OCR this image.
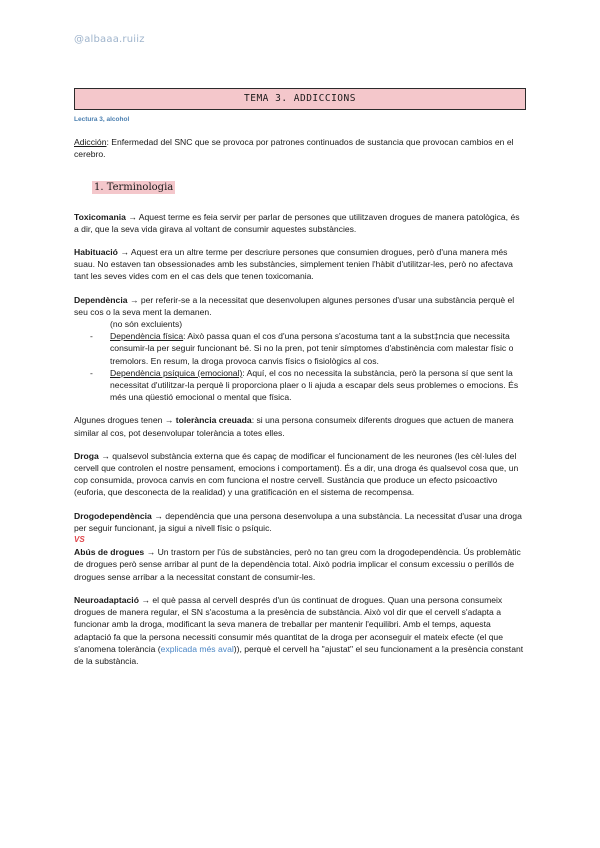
@albaaa.ruiiz
TEMA 3. ADDICCIONS
Lectura 3, alcohol

Adicción: Enfermedad del SNC que se provoca por patrones continuados de sustancia que provocan cambios en el cerebro.

1. Terminologia

Toxicomania → Aquest terme es feia servir per parlar de persones que utilitzaven drogues de manera patològica, és a dir, que la seva vida girava al voltant de consumir aquestes substàncies.

Habituació → Aquest era un altre terme per descriure persones que consumien drogues, però d'una manera més suau. No estaven tan obsessionades amb les substàncies, simplement tenien l'hàbit d'utilitzar-les, però no afectava tant les seves vides com en el cas dels que tenen toxicomania.

Dependència → per referir-se a la necessitat que desenvolupen algunes persones d'usar una substància perquè el seu cos o la seva ment la demanen.

(no són excluients)

- Dependència física: Això passa quan el cos d'una persona s'acostuma tant a la subst‡ncia que necessita consumir-la per seguir funcionant bé. Si no la pren, pot tenir símptomes d'abstinència com malestar físic o tremolors. En resum, la droga provoca canvis físics o fisiològics al cos.
- Dependència psíquica (emocional): Aquí, el cos no necessita la substància, però la persona sí que sent la necessitat d'utilitzar-la perquè li proporciona plaer o li ajuda a escapar dels seus problemes o emocions. És més una qüestió emocional o mental que física.

Algunes drogues tenen → tolerància creuada: si una persona consumeix diferents drogues que actuen de manera similar al cos, pot desenvolupar tolerància a totes elles.

Droga → qualsevol substància externa que és capaç de modificar el funcionament de les neurones (les cèl·lules del cervell que controlen el nostre pensament, emocions i comportament). És a dir, una droga és qualsevol cosa que, un cop consumida, provoca canvis en com funciona el nostre cervell. Sustància que produce un efecto psicoactivo (euforia, que desconecta de la realidad) y una gratificación en el sistema de recompensa.

Drogodependència → dependència que una persona desenvolupa a una substància. La necessitat d'usar una droga per seguir funcionant, ja sigui a nivell físic o psíquic.

VS

Abús de drogues → Un trastorn per l'ús de substàncies, però no tan greu com la drogodependència. Ús problemàtic de drogues però sense arribar al punt de la dependència total. Això podria implicar el consum excessiu o perillós de drogues sense arribar a la necessitat constant de consumir-les.

Neuroadaptació → el què passa al cervell després d'un ús continuat de drogues. Quan una persona consumeix drogues de manera regular, el SN s'acostuma a la presència de substància. Això vol dir que el cervell s'adapta a funcionar amb la droga, modificant la seva manera de treballar per mantenir l'equilibri. Amb el temps, aquesta adaptació fa que la persona necessiti consumir més quantitat de la droga per aconseguir el mateix efecte (el que s'anomena tolerància (explicada més aval)), perquè el cervell ha "ajustat" el seu funcionament a la presència constant de la substància.
